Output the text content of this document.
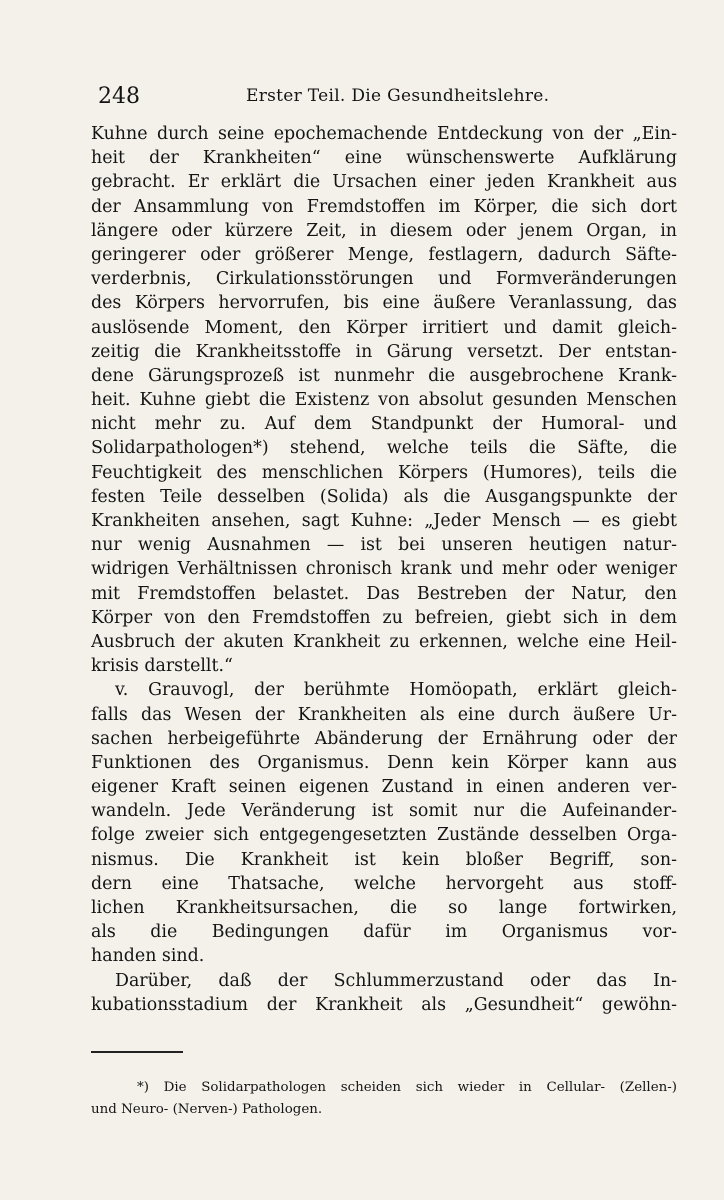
248	Erster Teil. Die Gesundheitslehre.
Kuhne durch seine epochemachende Entdeckung von der „Ein-
heit der Krankheiten“ eine wünschenswerte Aufklärung
gebracht. Er erklärt die Ursachen einer jeden Krankheit aus
der Ansammlung von Fremdstoffen im Körper, die sich dort
längere oder kürzere Zeit, in diesem oder jenem Organ, in
geringerer oder größerer Menge, festlagern, dadurch Säfte-
verderbnis, Cirkulationsstörungen und Formveränderungen
des Körpers hervorrufen, bis eine äußere Veranlassung, das
auslösende Moment, den Körper irritiert und damit gleich-
zeitig die Krankheitsstoffe in Gärung versetzt. Der entstan-
dene Gärungsprozeß ist nunmehr die ausgebrochene Krank-
heit. Kuhne giebt die Existenz von absolut gesunden Menschen
nicht mehr zu. Auf dem Standpunkt der Humoral- und
Solidarpathologen*) stehend, welche teils die Säfte, die
Feuchtigkeit des menschlichen Körpers (Humores), teils die
festen Teile desselben (Solida) als die Ausgangspunkte der
Krankheiten ansehen, sagt Kuhne: „Jeder Mensch — es giebt
nur wenig Ausnahmen — ist bei unseren heutigen natur-
widrigen Verhältnissen chronisch krank und mehr oder weniger
mit Fremdstoffen belastet. Das Bestreben der Natur, den
Körper von den Fremdstoffen zu befreien, giebt sich in dem
Ausbruch der akuten Krankheit zu erkennen, welche eine Heil-
krisis darstellt.“
v. Grauvogl, der berühmte Homöopath, erklärt gleich-
falls das Wesen der Krankheiten als eine durch äußere Ur-
sachen herbeigeführte Abänderung der Ernährung oder der
Funktionen des Organismus. Denn kein Körper kann aus
eigener Kraft seinen eigenen Zustand in einen anderen ver-
wandeln. Jede Veränderung ist somit nur die Aufeinander-
folge zweier sich entgegengesetzten Zustände desselben Orga-
nismus. Die Krankheit ist kein bloßer Begriff, son-
dern eine Thatsache, welche hervorgeht aus stoff-
lichen Krankheitsursachen, die so lange fortwirken,
als die Bedingungen dafür im Organismus vor-
handen sind.
Darüber, daß der Schlummerzustand oder das In-
kubationsstadium der Krankheit als „Gesundheit“ gewöhn-
*) Die Solidarpathologen scheiden sich wieder in Cellular- (Zellen-)
und Neuro- (Nerven-) Pathologen.
